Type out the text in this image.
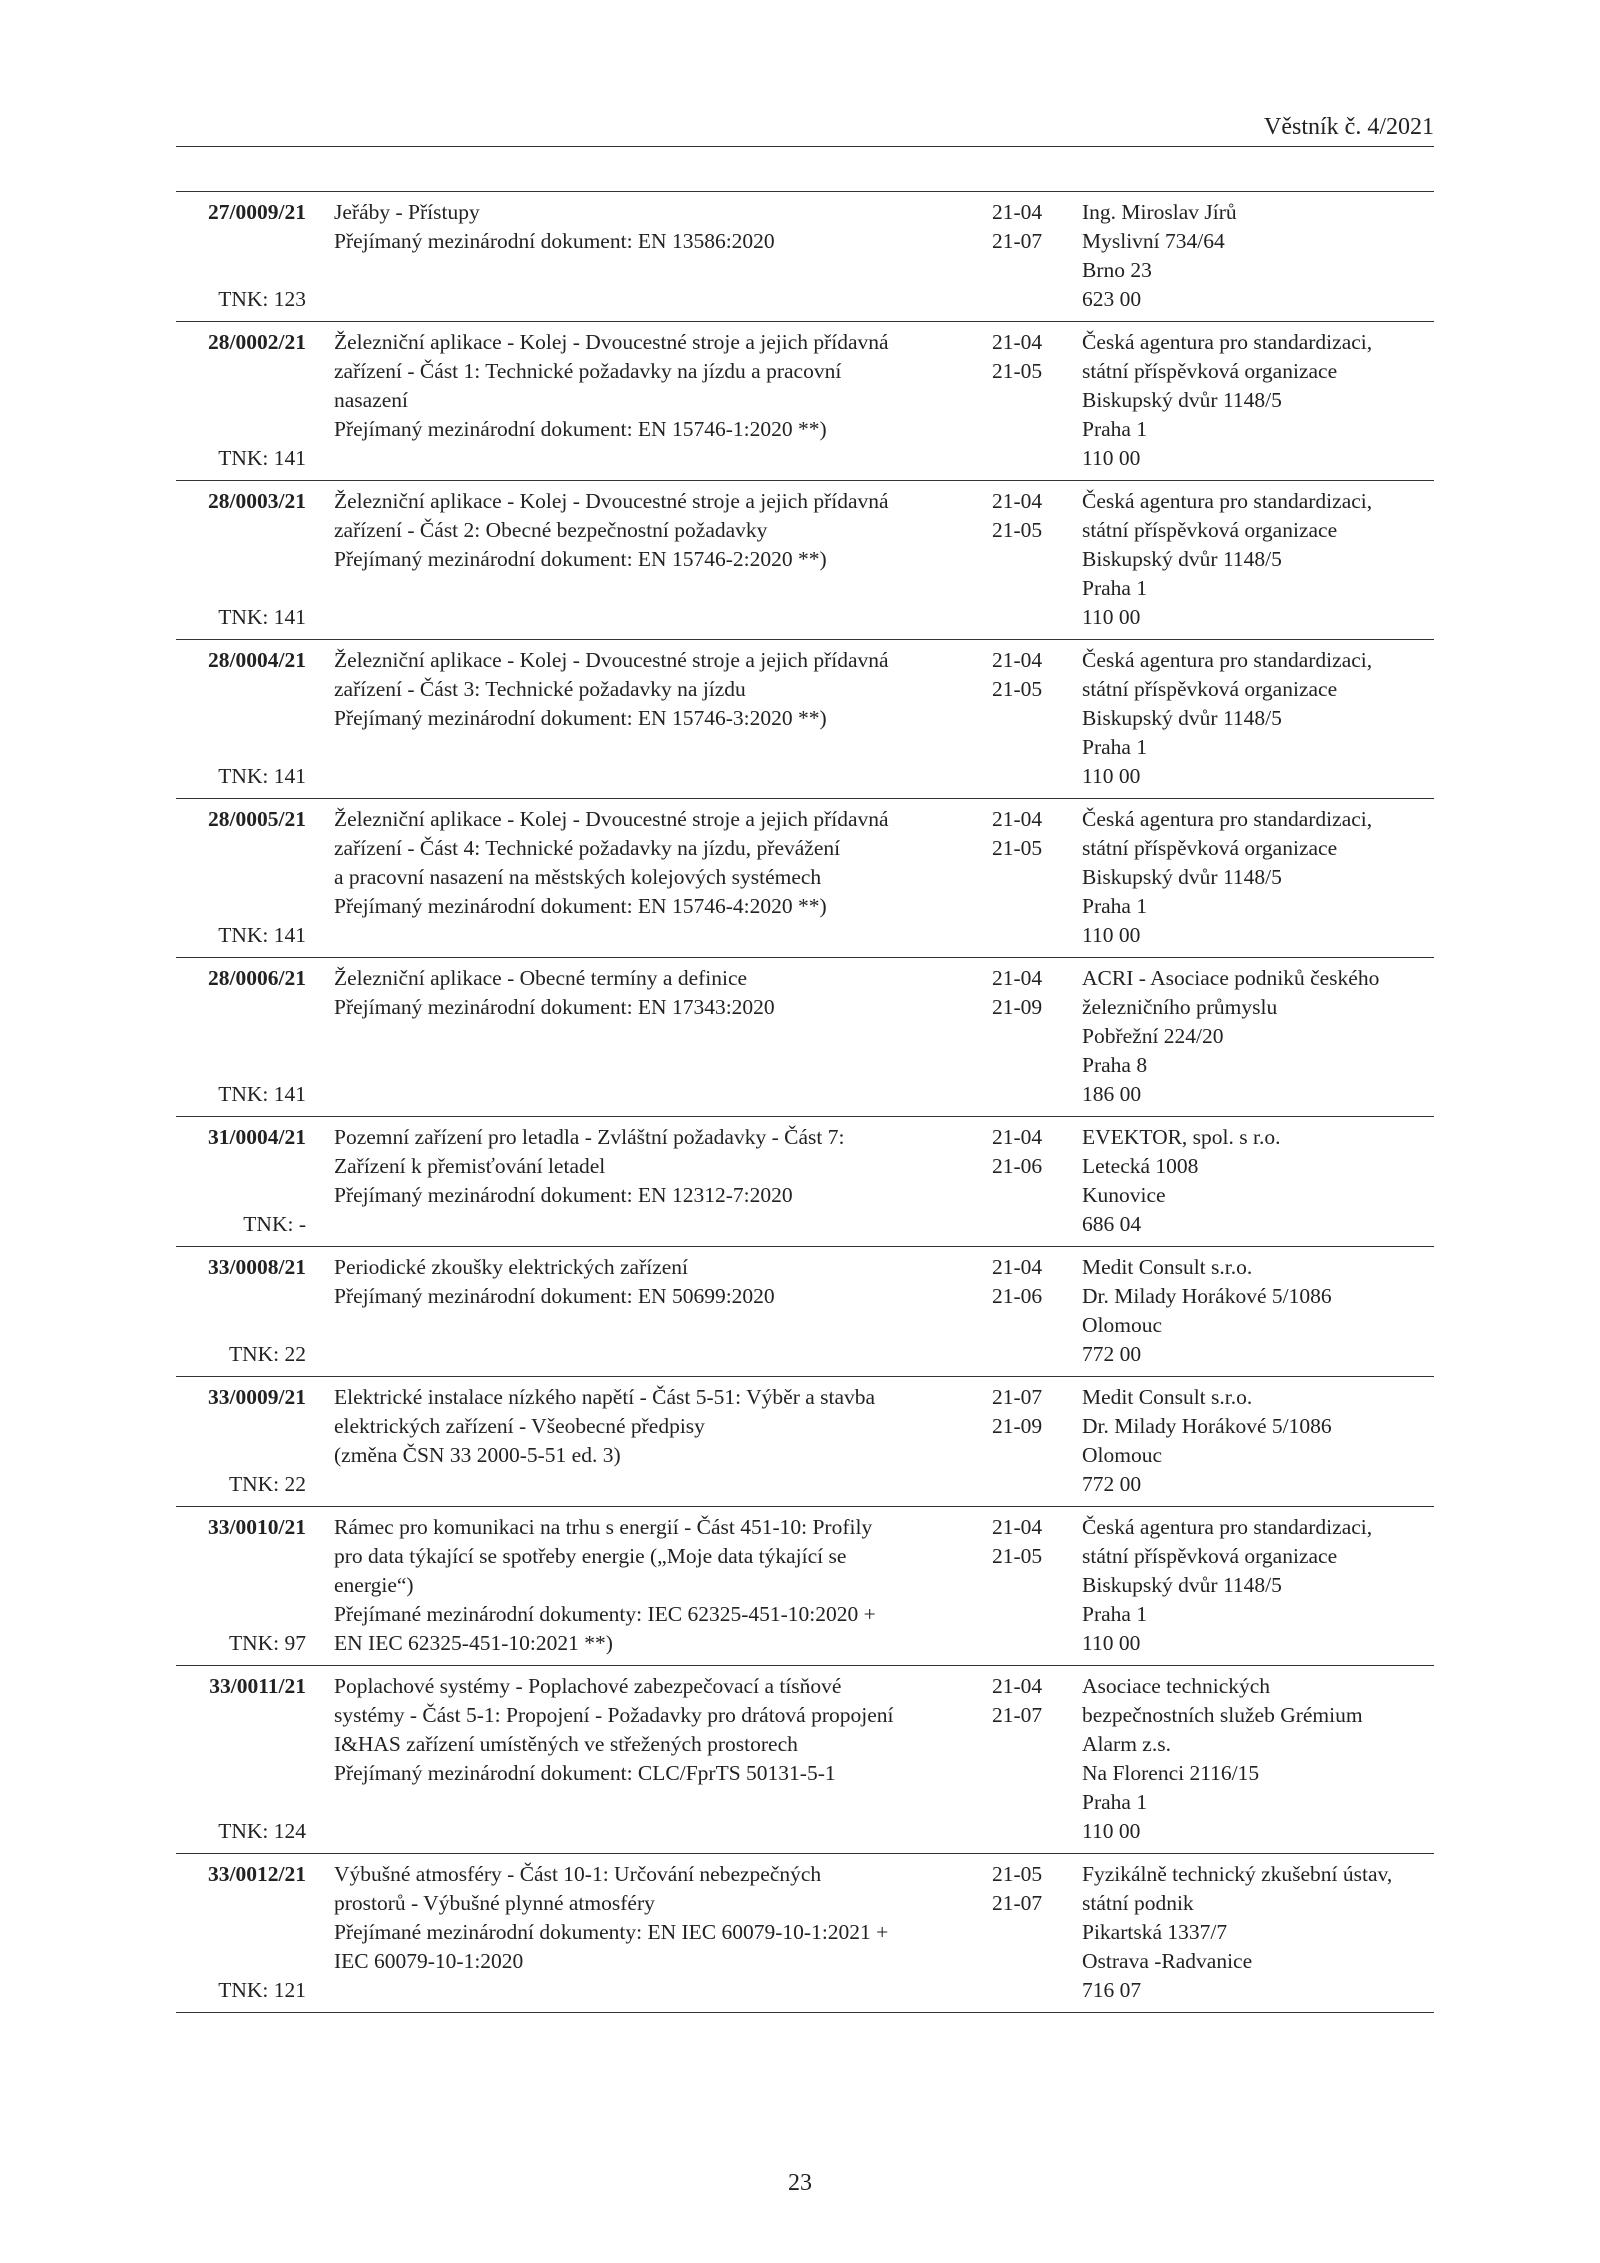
Věstník č. 4/2021
27/0009/21
TNK: 123
Jeřáby - Přístupy
Přejímaný mezinárodní dokument: EN 13586:2020
21-04
21-07
Ing. Miroslav Jírů
Myslivní 734/64
Brno 23
623 00
28/0002/21
TNK: 141
Železniční aplikace - Kolej - Dvoucestné stroje a jejich přídavná
zařízení - Část 1: Technické požadavky na jízdu a pracovní
nasazení
Přejímaný mezinárodní dokument: EN 15746-1:2020 **)
21-04
21-05
Česká agentura pro standardizaci,
státní příspěvková organizace
Biskupský dvůr 1148/5
Praha 1
110 00
28/0003/21
TNK: 141
Železniční aplikace - Kolej - Dvoucestné stroje a jejich přídavná
zařízení - Část 2: Obecné bezpečnostní požadavky
Přejímaný mezinárodní dokument: EN 15746-2:2020 **)
21-04
21-05
Česká agentura pro standardizaci,
státní příspěvková organizace
Biskupský dvůr 1148/5
Praha 1
110 00
28/0004/21
TNK: 141
Železniční aplikace - Kolej - Dvoucestné stroje a jejich přídavná
zařízení - Část 3: Technické požadavky na jízdu
Přejímaný mezinárodní dokument: EN 15746-3:2020 **)
21-04
21-05
Česká agentura pro standardizaci,
státní příspěvková organizace
Biskupský dvůr 1148/5
Praha 1
110 00
28/0005/21
TNK: 141
Železniční aplikace - Kolej - Dvoucestné stroje a jejich přídavná
zařízení - Část 4: Technické požadavky na jízdu, převážení
a pracovní nasazení na městských kolejových systémech
Přejímaný mezinárodní dokument: EN 15746-4:2020 **)
21-04
21-05
Česká agentura pro standardizaci,
státní příspěvková organizace
Biskupský dvůr 1148/5
Praha 1
110 00
28/0006/21
TNK: 141
Železniční aplikace - Obecné termíny a definice
Přejímaný mezinárodní dokument: EN 17343:2020
21-04
21-09
ACRI - Asociace podniků českého
železničního průmyslu
Pobřežní 224/20
Praha 8
186 00
31/0004/21
TNK: -
Pozemní zařízení pro letadla - Zvláštní požadavky - Část 7:
Zařízení k přemisťování letadel
Přejímaný mezinárodní dokument: EN 12312-7:2020
21-04
21-06
EVEKTOR, spol. s r.o.
Letecká 1008
Kunovice
686 04
33/0008/21
TNK: 22
Periodické zkoušky elektrických zařízení
Přejímaný mezinárodní dokument: EN 50699:2020
21-04
21-06
Medit Consult s.r.o.
Dr. Milady Horákové 5/1086
Olomouc
772 00
33/0009/21
TNK: 22
Elektrické instalace nízkého napětí - Část 5-51: Výběr a stavba
elektrických zařízení - Všeobecné předpisy
(změna ČSN 33 2000-5-51 ed. 3)
21-07
21-09
Medit Consult s.r.o.
Dr. Milady Horákové 5/1086
Olomouc
772 00
33/0010/21
TNK: 97
Rámec pro komunikaci na trhu s energií - Část 451-10: Profily
pro data týkající se spotřeby energie („Moje data týkající se
energie“)
Přejímané mezinárodní dokumenty: IEC 62325-451-10:2020 +
EN IEC 62325-451-10:2021 **)
21-04
21-05
Česká agentura pro standardizaci,
státní příspěvková organizace
Biskupský dvůr 1148/5
Praha 1
110 00
33/0011/21
TNK: 124
Poplachové systémy - Poplachové zabezpečovací a tísňové
systémy - Část 5-1: Propojení - Požadavky pro drátová propojení
I&HAS zařízení umístěných ve střežených prostorech
Přejímaný mezinárodní dokument: CLC/FprTS 50131-5-1
21-04
21-07
Asociace technických
bezpečnostních služeb Grémium
Alarm z.s.
Na Florenci 2116/15
Praha 1
110 00
33/0012/21
TNK: 121
Výbušné atmosféry - Část 10-1: Určování nebezpečných
prostorů - Výbušné plynné atmosféry
Přejímané mezinárodní dokumenty: EN IEC 60079-10-1:2021 +
IEC 60079-10-1:2020
21-05
21-07
Fyzikálně technický zkušební ústav,
státní podnik
Pikartská 1337/7
Ostrava -Radvanice
716 07
23
